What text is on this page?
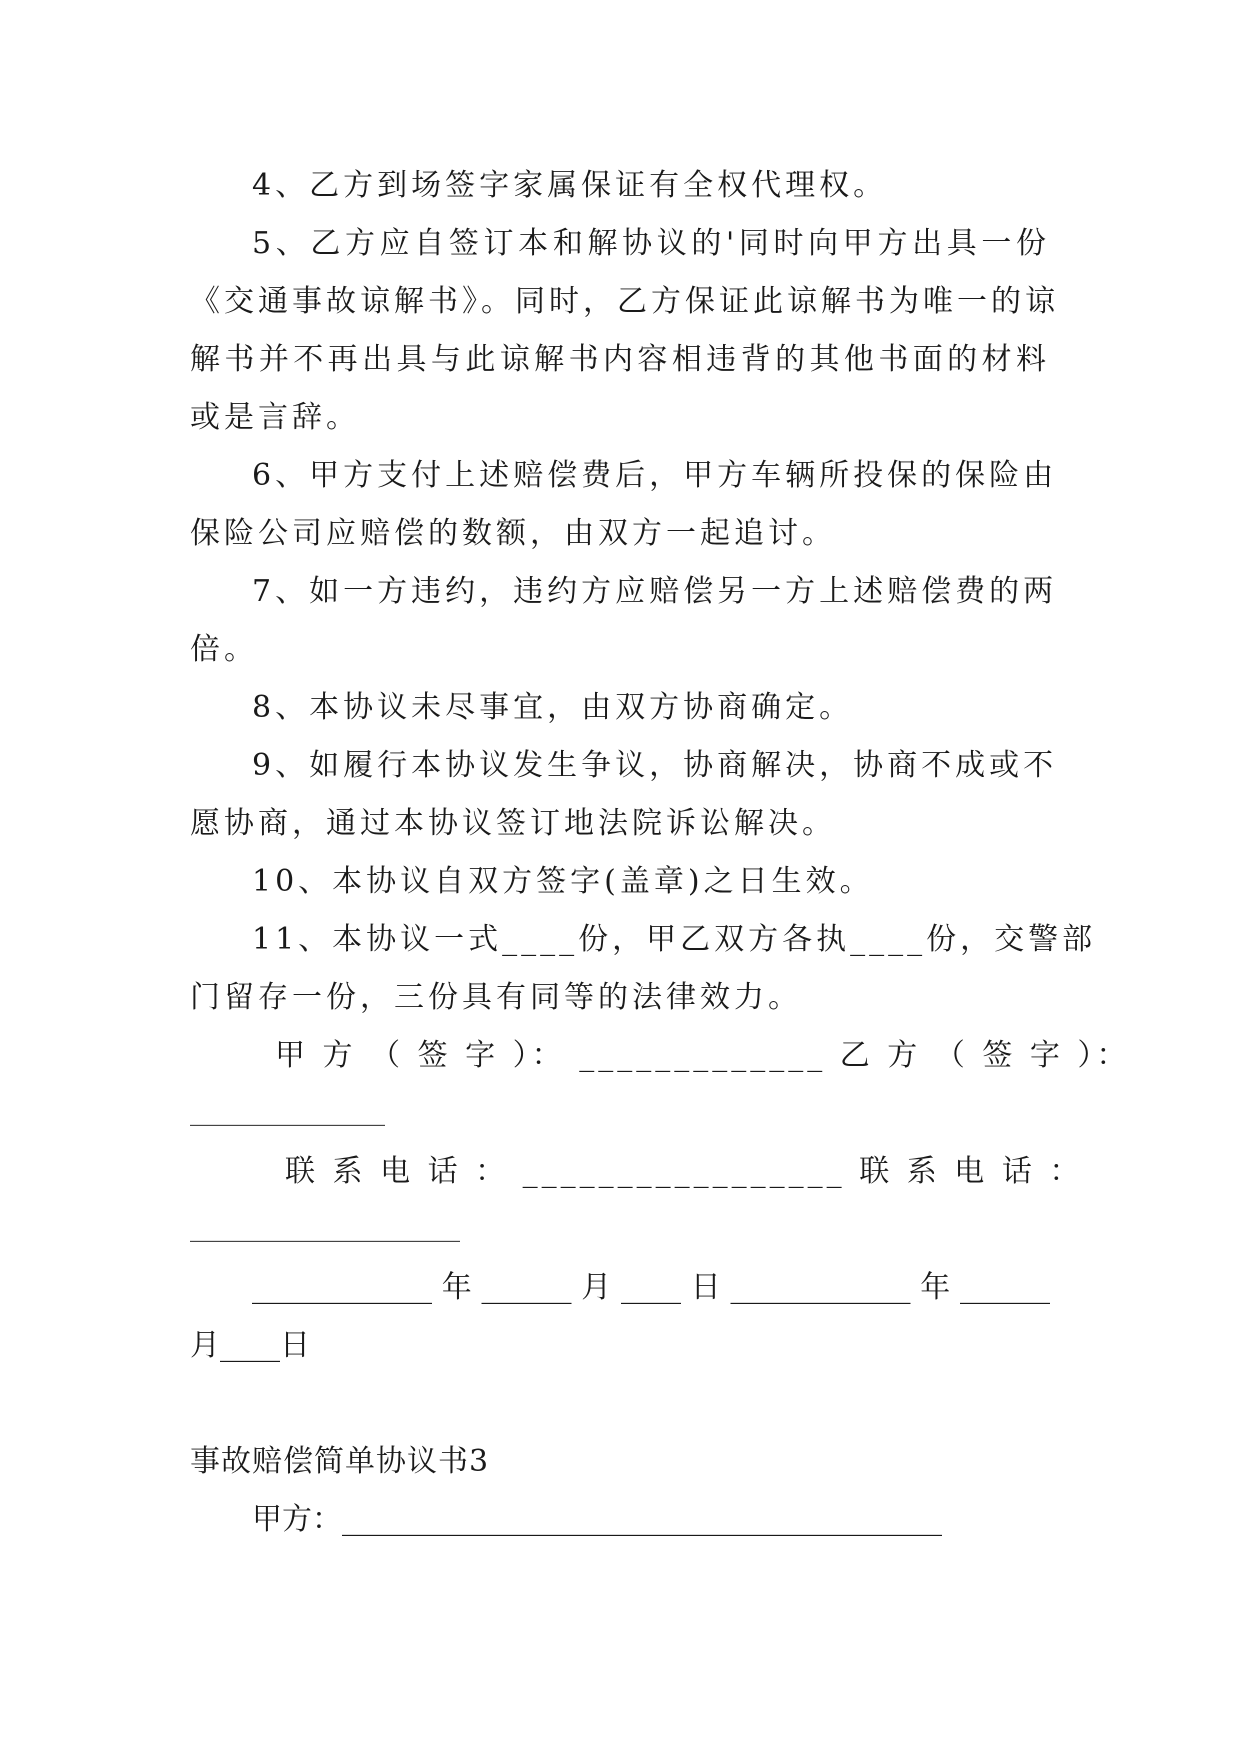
4、乙方到场签字家属保证有全权代理权。
5、乙方应自签订本和解协议的'同时向甲方出具一份
《交通事故谅解书》。同时，乙方保证此谅解书为唯一的谅
解书并不再出具与此谅解书内容相违背的其他书面的材料
或是言辞。
6、甲方支付上述赔偿费后，甲方车辆所投保的保险由
保险公司应赔偿的数额，由双方一起追讨。
7、如一方违约，违约方应赔偿另一方上述赔偿费的两
倍。
8、本协议未尽事宜，由双方协商确定。
9、如履行本协议发生争议，协商解决，协商不成或不
愿协商，通过本协议签订地法院诉讼解决。
10、本协议自双方签字(盖章)之日生效。
11、本协议一式____份，甲乙双方各执____份，交警部
门留存一份，三份具有同等的法律效力。
甲 方 （ 签 字 ）： _____________ 乙 方 （ 签 字 ）：
_____________
联 系 电 话 ： _________________ 联 系 电 话 ：
__________________
____________年______月____日____________年______
月____日
事故赔偿简单协议书3
甲方：________________________________________
